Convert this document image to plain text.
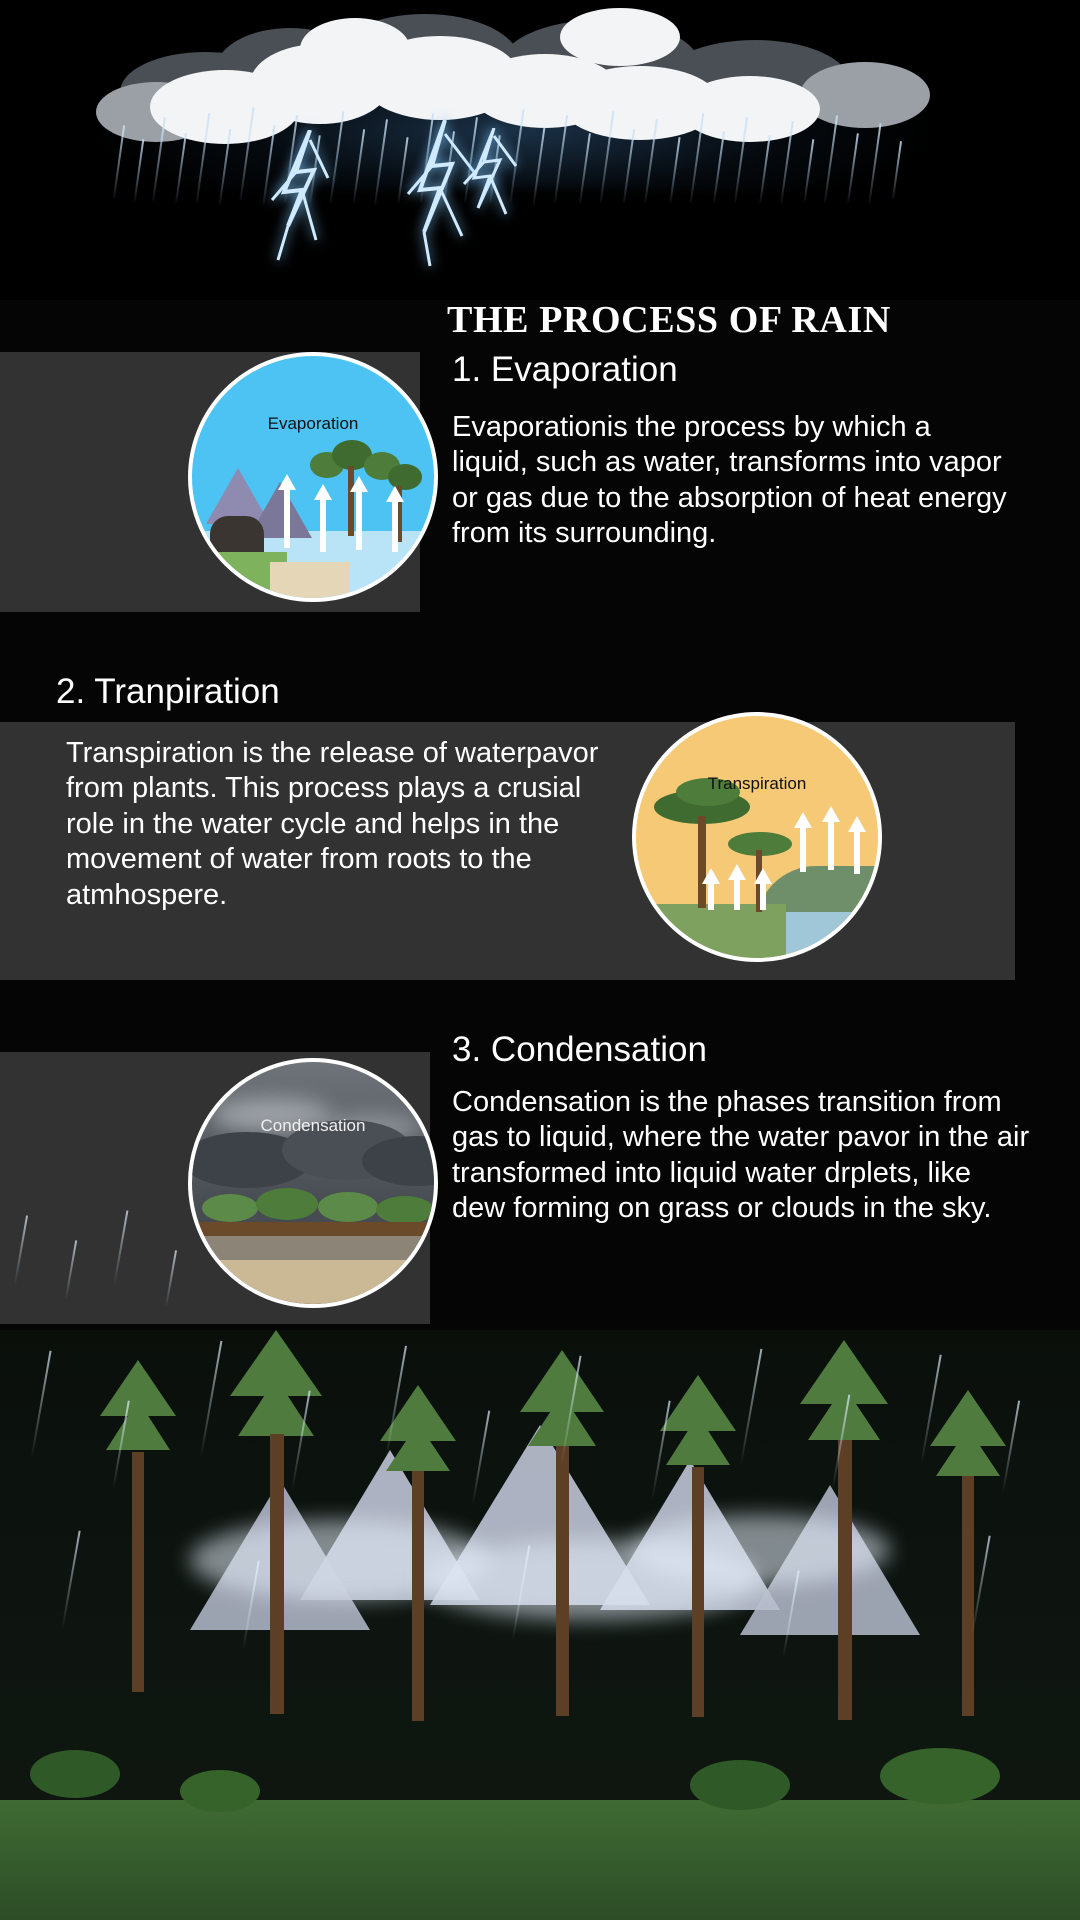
THE PROCESS OF RAIN
1. Evaporation
Evaporationis the process by which a liquid, such as water, transforms into vapor or gas due to the absorption of heat energy from its surrounding.
Evaporation
2. Tranpiration
Transpiration is the release of waterpavor from plants. This process plays a crusial role in the water cycle and helps in the movement of water from roots to the atmhospere.
Transpiration
3. Condensation
Condensation is the phases transition from gas to liquid, where the water pavor in the air transformed into liquid water drplets, like dew forming on grass or clouds in the sky.
Condensation
